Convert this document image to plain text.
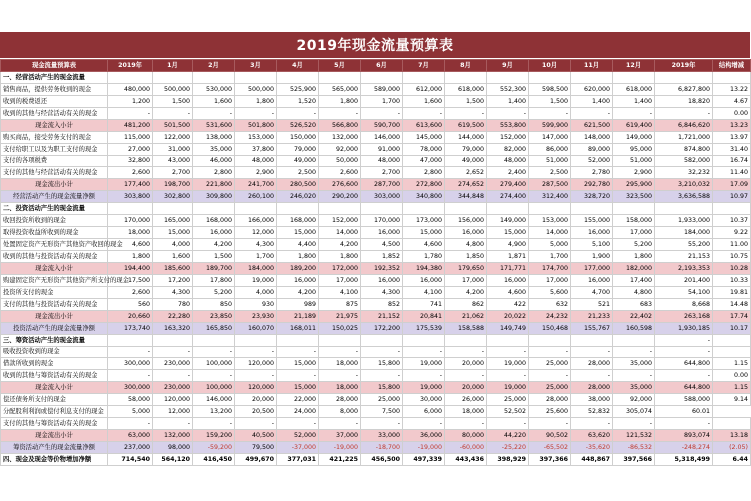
2019年现金流量预算表
现金流量预算表	2019年	1月	2月	3月	4月	5月	6月	7月	8月	9月	10月	11月	12月	2019年	结构增减
一、经营活动产生的现金流量															
销售商品，提供劳务收到的现金	480,000	500,000	530,000	500,000	525,900	565,000	589,000	612,000	618,000	552,300	598,500	620,000	618,000	6,827,800	13.22
收到的税费返还	1,200	1,500	1,600	1,800	1,520	1,800	1,700	1,600	1,500	1,400	1,500	1,400	1,400	18,820	4.67
收到的其他与经营活动有关的现金	-	-	-	-	-	-	-	-	-	-	-	-	-	-	0.00
现金流入小计	481,200	501,500	531,600	501,800	526,520	566,800	590,700	613,600	619,500	553,800	599,900	621,500	619,400	6,846,620	13.23
购买商品，接受劳务支付的现金	115,000	122,000	138,000	153,000	150,000	132,000	146,000	145,000	144,000	152,000	147,000	148,000	149,000	1,721,000	13.97
支付给职工以及为职工支付的现金	27,000	31,000	35,000	37,800	79,000	92,000	91,000	78,000	79,000	82,000	86,000	89,000	95,000	874,800	31.40
支付的各项税费	32,800	43,000	46,000	48,000	49,000	50,000	48,000	47,000	49,000	48,000	51,000	52,000	51,000	582,000	16.74
支付的其他与经营活动有关的现金	2,600	2,700	2,800	2,900	2,500	2,600	2,700	2,800	2,652	2,400	2,500	2,780	2,900	32,232	11.40
现金流出小计	177,400	198,700	221,800	241,700	280,500	276,600	287,700	272,800	274,652	279,400	287,500	292,780	295,900	3,210,032	17.09
经营活动产生的现金流量净额	303,800	302,800	309,800	260,100	246,020	290,200	303,000	340,800	344,848	274,400	312,400	328,720	323,500	3,636,588	10.97
二、投资活动产生的现金流量															
收回投资所收到的现金	170,000	165,000	168,000	166,000	168,000	152,000	170,000	173,000	156,000	149,000	153,000	155,000	158,000	1,933,000	10.37
取得投资收益所收到的现金	18,000	15,000	16,000	12,000	15,000	14,000	16,000	15,000	16,000	15,000	14,000	16,000	17,000	184,000	9.22
处置固定资产无形资产其他资产收回的现金	4,600	4,000	4,200	4,300	4,400	4,200	4,500	4,600	4,800	4,900	5,000	5,100	5,200	55,200	11.00
收到的其他与投资活动有关的现金	1,800	1,600	1,500	1,700	1,800	1,800	1,852	1,780	1,850	1,871	1,700	1,900	1,800	21,153	10.75
现金流入小计	194,400	185,600	189,700	184,000	189,200	172,000	192,352	194,380	179,650	171,771	174,700	177,000	182,000	2,193,353	10.28
购建固定资产无形资产其他资产所支付的现金	17,500	17,200	17,800	19,000	16,000	17,000	16,000	16,000	17,000	16,000	17,000	16,000	17,400	201,400	10.33
投资所支付的现金	2,600	4,300	5,200	4,000	4,200	4,100	4,300	4,100	4,200	4,600	5,600	4,700	4,800	54,100	19.81
支付的其他与投资活动有关的现金	560	780	850	930	989	875	852	741	862	422	632	521	683	8,668	14.48
现金流出小计	20,660	22,280	23,850	23,930	21,189	21,975	21,152	20,841	21,062	20,022	24,232	21,233	22,402	263,168	17.74
投资活动产生的现金流量净额	173,740	163,320	165,850	160,070	168,011	150,025	172,200	175,539	158,588	149,749	150,468	155,767	160,598	1,930,185	10.17
三、筹资活动产生的现金流量														-	
吸收投资收到的现金	-	-	-	-	-	-	-	-	-	-	-	-	-	-	
借款所收到的现金	300,000	230,000	100,000	120,000	15,000	18,000	15,800	19,000	20,000	19,000	25,000	28,000	35,000	644,800	1.15
收到的其他与筹资活动有关的现金	-	-	-	-	-	-	-	-	-	-	-	-	-	-	0.00
现金流入小计	300,000	230,000	100,000	120,000	15,000	18,000	15,800	19,000	20,000	19,000	25,000	28,000	35,000	644,800	1.15
偿还债务所支付的现金	58,000	120,000	146,000	20,000	22,000	28,000	25,000	30,000	26,000	25,000	28,000	38,000	92,000	588,000	9.14
分配股利利润或偿付利息支付的现金	5,000	12,000	13,200	20,500	24,000	8,000	7,500	6,000	18,000	52,502	25,600	52,832	305,074	60.01	
支付的其他与筹资活动有关的现金	-	-	-	-	-	-	-	-	-	-	-	-	-	-	
现金流出小计	63,000	132,000	159,200	40,500	52,000	37,000	33,000	36,000	80,000	44,220	90,502	63,620	121,532	893,074	13.18
筹资活动产生的现金流量净额	237,000	98,000	-59,200	79,500	-37,000	-19,000	-18,700	-19,000	-60,000	-25,220	-65,502	-35,620	-86,532	-248,274	(2.05)
四、现金及现金等价物增加净额	714,540	564,120	416,450	499,670	377,031	421,225	456,500	497,339	443,436	398,929	397,366	448,867	397,566	5,318,499	6.44
